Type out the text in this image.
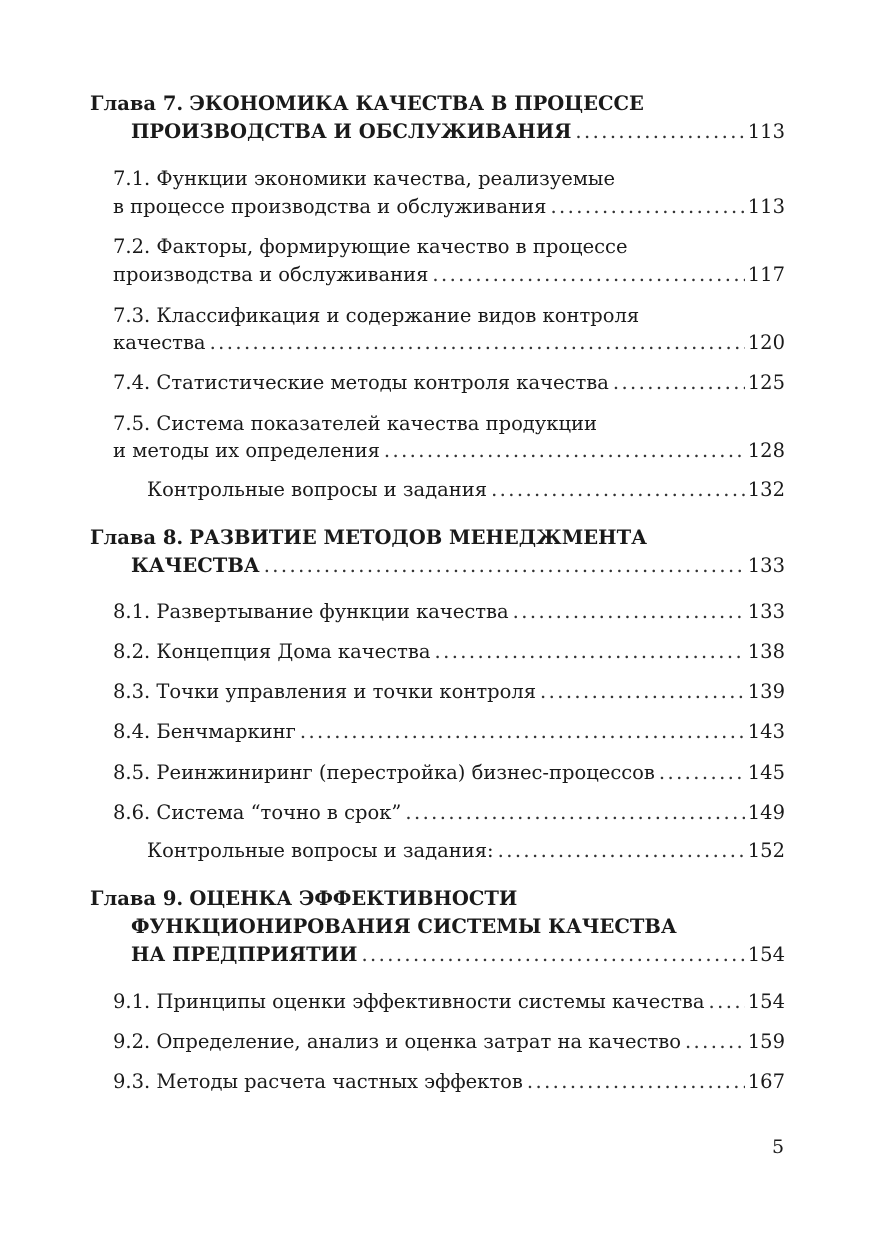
Глава 7.
ЭКОНОМИКА КАЧЕСТВА В ПРОЦЕССЕ
ПРОИЗВОДСТВА И ОБСЛУЖИВАНИЯ .....	113
7.1. Функции экономики качества, реализуемые
в процессе производства и обслуживания .....	113
7.2. Факторы, формирующие качество в процессе
производства и обслуживания .....	117
7.3. Классификация и содержание видов контроля
качества .....	120
7.4. Статистические методы контроля качества .....	125
7.5. Система показателей качества продукции
и методы их определения .....	128
Контрольные вопросы и задания .....	132
Глава 8.
РАЗВИТИЕ МЕТОДОВ МЕНЕДЖМЕНТА
КАЧЕСТВА .....	133
8.1. Развертывание функции качества .....	133
8.2. Концепция Дома качества .....	138
8.3. Точки управления и точки контроля .....	139
8.4. Бенчмаркинг .....	143
8.5. Реинжиниринг (перестройка) бизнес-процессов .....	145
8.6. Система “точно в срок” .....	149
Контрольные вопросы и задания: .....	152
Глава 9.
ОЦЕНКА ЭФФЕКТИВНОСТИ
ФУНКЦИОНИРОВАНИЯ СИСТЕМЫ КАЧЕСТВА
НА ПРЕДПРИЯТИИ .....	154
9.1. Принципы оценки эффективности системы качества ..... 154
9.2. Определение, анализ и оценка затрат на качество .....	159
9.3. Методы расчета частных эффектов .....	167
5
